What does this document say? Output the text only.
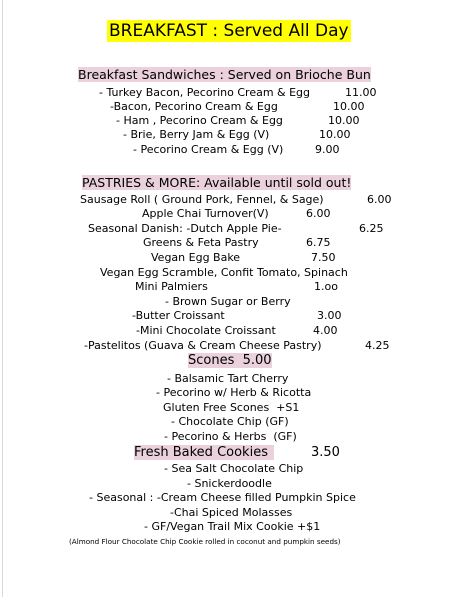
BREAKFAST : Served All Day
Breakfast Sandwiches : Served on Brioche Bun
- Turkey Bacon, Pecorino Cream & Egg	11.00
-Bacon, Pecorino Cream & Egg	10.00
- Ham , Pecorino Cream & Egg	10.00
- Brie, Berry Jam & Egg (V)	10.00
- Pecorino Cream & Egg (V)	9.00
PASTRIES & MORE: Available until sold out!
Sausage Roll ( Ground Pork, Fennel, & Sage)	6.00
Apple Chai Turnover(V)	6.00
Seasonal Danish: -Dutch Apple Pie-	6.25
Greens & Feta Pastry	6.75
Vegan Egg Bake	7.50
Vegan Egg Scramble, Confit Tomato, Spinach
Mini Palmiers	1.oo
- Brown Sugar or Berry
-Butter Croissant	3.00
-Mini Chocolate Croissant	4.00
-Pastelitos (Guava & Cream Cheese Pastry)	4.25
Scones  5.00
- Balsamic Tart Cherry
- Pecorino w/ Herb & Ricotta
Gluten Free Scones  +S1
- Chocolate Chip (GF)
- Pecorino & Herbs  (GF)
Fresh Baked Cookies	3.50
- Sea Salt Chocolate Chip
- Snickerdoodle
- Seasonal : -Cream Cheese filled Pumpkin Spice
-Chai Spiced Molasses
- GF/Vegan Trail Mix Cookie +$1
(Almond Flour Chocolate Chip Cookie rolled in coconut and pumpkin seeds)
